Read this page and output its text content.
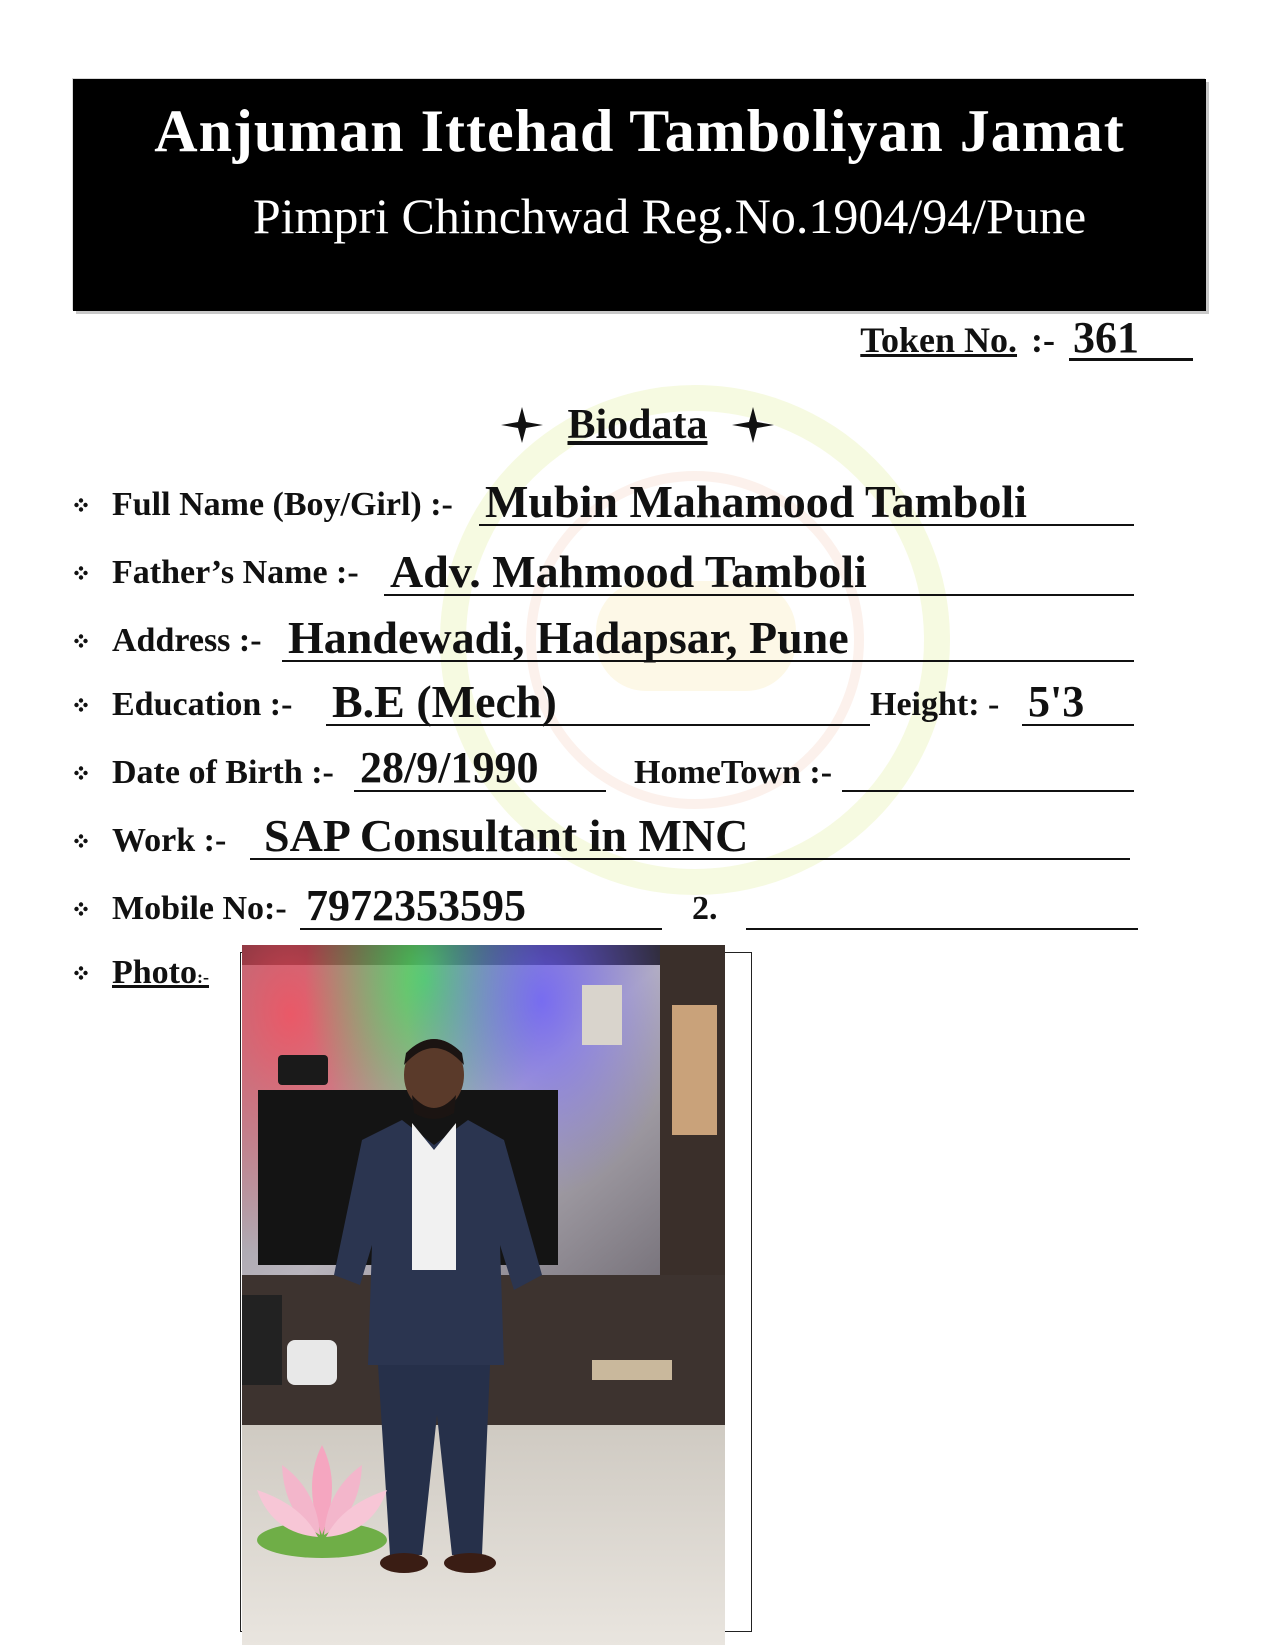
Anjuman Ittehad Tamboliyan Jamat
Pimpri Chinchwad Reg.No.1904/94/Pune
Token No. :- 361
Biodata
Full Name (Boy/Girl) :- Mubin Mahamood Tamboli
Father’s Name :- Adv. Mahmood Tamboli
Address :- Handewadi, Hadapsar, Pune
Education :- B.E (Mech)	Height: - 5'3
Date of Birth :- 28/9/1990	HomeTown :-
Work :- SAP Consultant in MNC
Mobile No:- 7972353595	2.
Photo:-
